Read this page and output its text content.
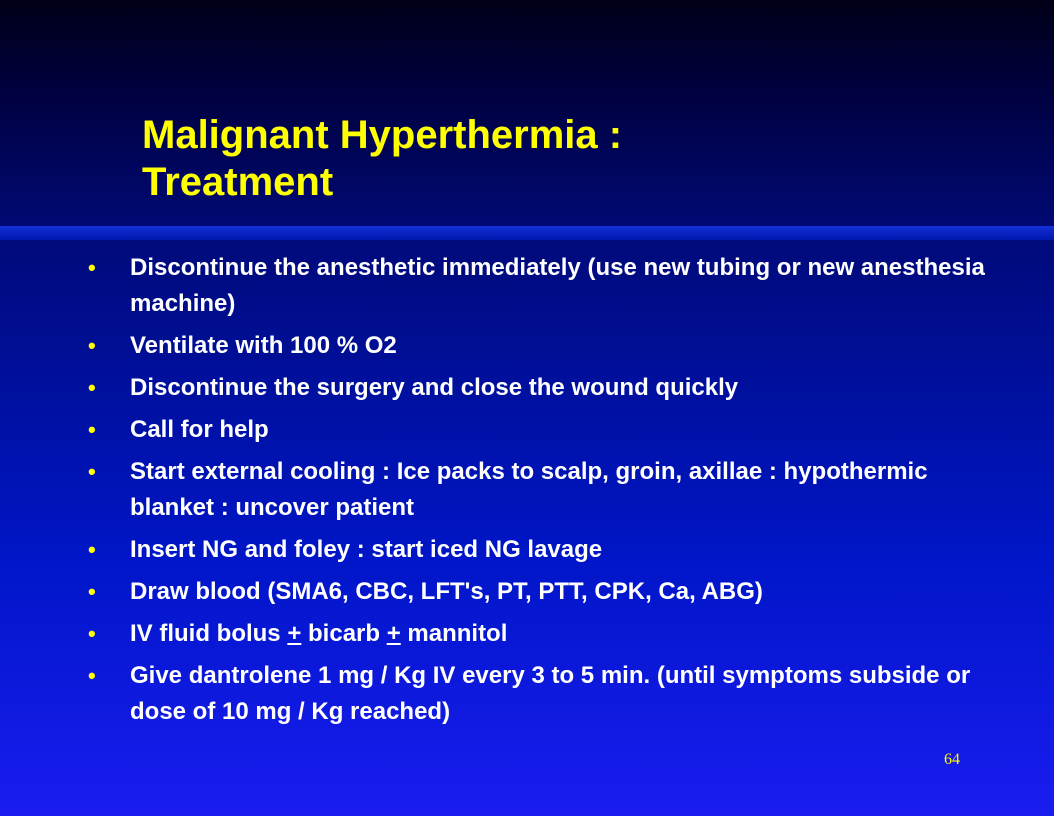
Malignant Hyperthermia :
Treatment
• Discontinue the anesthetic immediately (use new tubing or new anesthesia machine)
• Ventilate with 100 % O2
• Discontinue the surgery and close the wound quickly
• Call for help
• Start external cooling : Ice packs to scalp, groin, axillae : hypothermic blanket : uncover patient
• Insert NG and foley : start iced NG lavage
• Draw blood (SMA6, CBC, LFT's, PT, PTT, CPK, Ca, ABG)
• IV fluid bolus + bicarb + mannitol
• Give dantrolene 1 mg / Kg IV every 3 to 5 min. (until symptoms subside or dose of 10 mg / Kg reached)
64
